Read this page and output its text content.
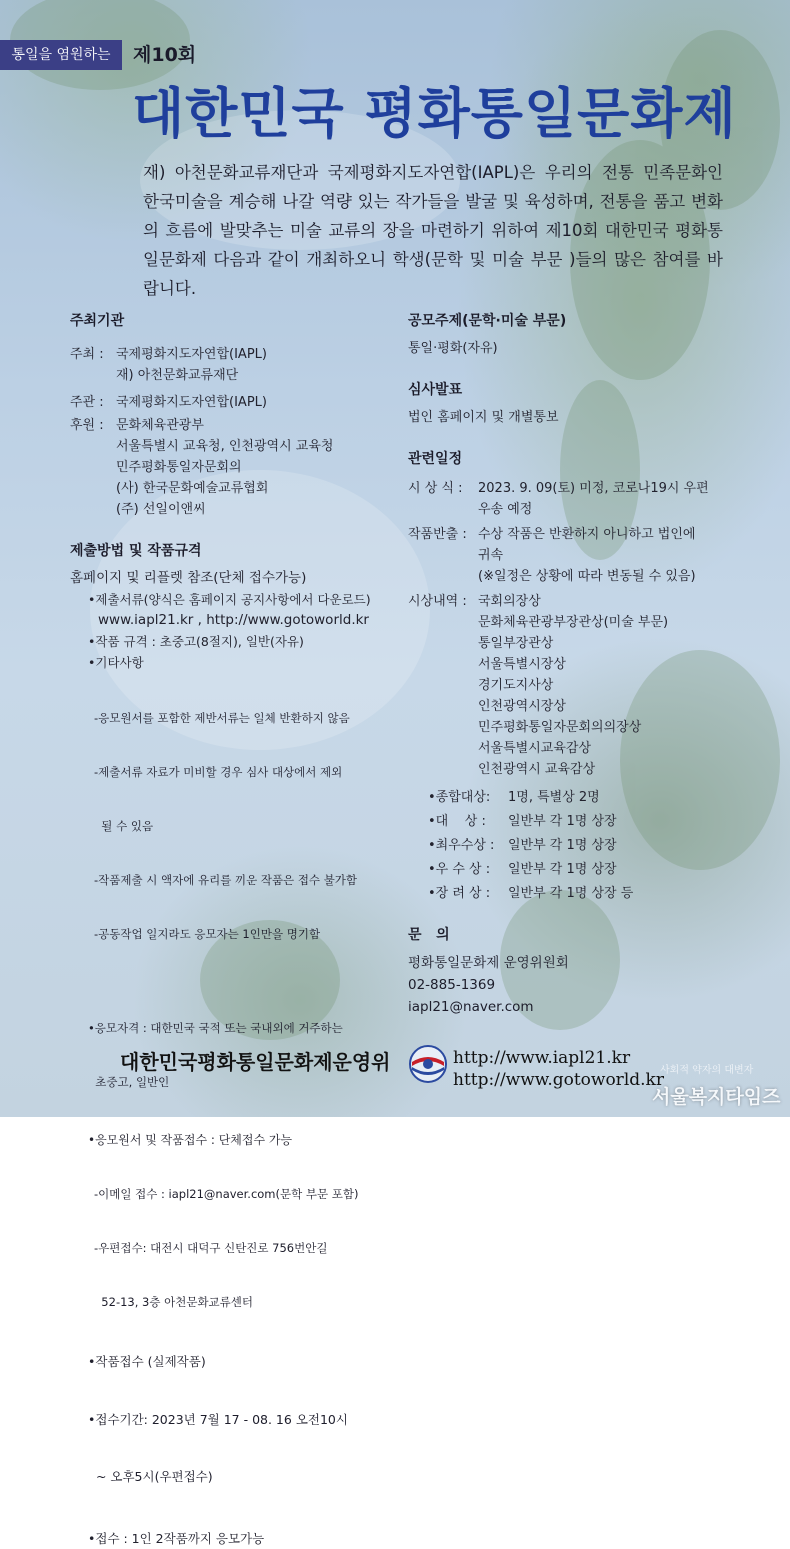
통일을 염원하는	제10회
대한민국 평화통일문화제
재) 아천문화교류재단과 국제평화지도자연합(IAPL)은 우리의 전통 민족문화인 한국미술을 계승해 나갈 역량 있는 작가들을 발굴 및 육성하며, 전통을 품고 변화의 흐름에 발맞추는 미술 교류의 장을 마련하기 위하여 제10회 대한민국 평화통일문화제 다음과 같이 개최하오니 학생(문학 및 미술 부문 )들의 많은 참여를 바랍니다.
주최기관
주최 : 국제평화지도자연합(IAPL)
재) 아천문화교류재단
주관 : 국제평화지도자연합(IAPL)
후원 : 문화체육관광부
서울특별시 교육청, 인천광역시 교육청
민주평화통일자문회의
(사) 한국문화예술교류협회
(주) 선일이앤씨
제출방법 및 작품규격
홈페이지 및 리플렛 참조(단체 접수가능)
•제출서류(양식은 홈페이지 공지사항에서 다운로드)
www.iapl21.kr , http://www.gotoworld.kr
•작품 규격 : 초중고(8절지), 일반(자유)
•기타사항

-응모원서를 포함한 제반서류는 일체 반환하지 않음

-제출서류 자료가 미비할 경우 심사 대상에서 제외

될 수 있음

-작품제출 시 액자에 유리를 끼운 작품은 접수 불가함

-공동작업 일지라도 응모자는 1인만을 명기함

•응모자격 : 대한민국 국적 또는 국내외에 거주하는

초중고, 일반인

•응모원서 및 작품접수 : 단체접수 가능

-이메일 접수 : iapl21@naver.com(문학 부문 포함)

-우편접수: 대전시 대덕구 신탄진로 756번안길

52-13, 3층 아천문화교류센터

•작품접수 (실제작품)

•접수기간: 2023년 7월 17 - 08. 16 오전10시

~ 오후5시(우편접수)

•접수 : 1인 2작품까지 응모가능
공모주제(문학·미술 부문)
통일·평화(자유)
심사발표
법인 홈페이지 및 개별통보
관련일정
시 상 식 :	2023. 9. 09(토) 미정, 코로나19시 우편
우송 예정
작품반출 : 수상 작품은 반환하지 아니하고 법인에
귀속
(※일정은 상황에 따라 변동될 수 있음)
시상내역 : 국회의장상
문화체육관광부장관상(미술 부문)
통일부장관상
서울특별시장상
경기도지사상
인천광역시장상
민주평화통일자문회의의장상
서울특별시교육감상
인천광역시 교육감상
•종합대상:	1명, 특별상 2명
•대    상 :	일반부 각 1명 상장
•최우수상 :	일반부 각 1명 상장
•우 수 상 :	일반부 각 1명 상장
•장 려 상 :	일반부 각 1명 상장 등
문   의
평화통일문화제 운영위원회
02-885-1369
iapl21@naver.com
대한민국평화통일문화제운영위	http://www.iapl21.kr
http://www.gotoworld.kr
사회적 약자의 대변자
서울복지타임즈
